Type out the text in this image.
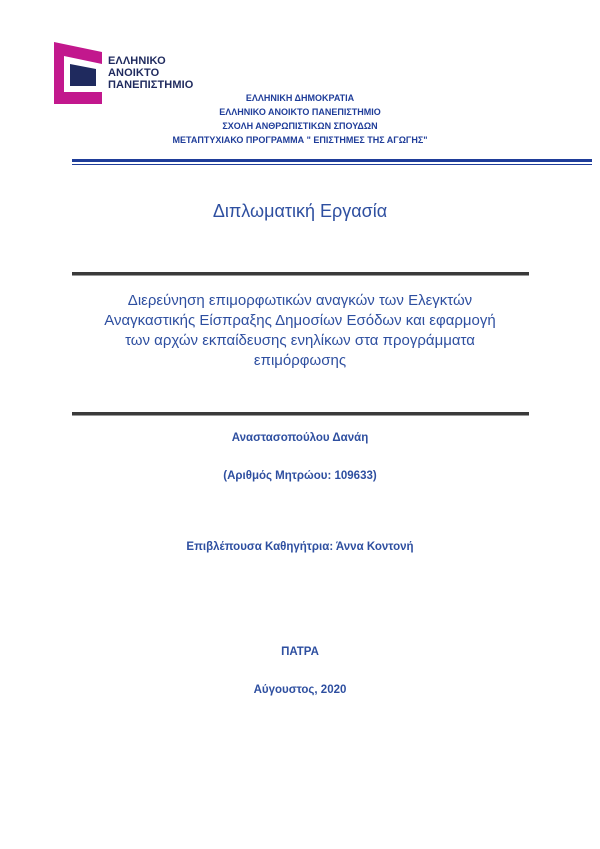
ΕΛΛΗΝΙΚΟ
ΑΝΟΙΚΤΟ
ΠΑΝΕΠΙΣΤΗΜΙΟ
ΕΛΛΗΝΙΚΗ ΔΗΜΟΚΡΑΤΙΑ
ΕΛΛΗΝΙΚΟ ΑΝΟΙΚΤΟ ΠΑΝΕΠΙΣΤΗΜΙΟ
ΣΧΟΛΗ ΑΝΘΡΩΠΙΣΤΙΚΩΝ ΣΠΟΥΔΩΝ
ΜΕΤΑΠΤΥΧΙΑΚΟ ΠΡΟΓΡΑΜΜΑ " ΕΠΙΣΤΗΜΕΣ ΤΗΣ ΑΓΩΓΗΣ"
Διπλωματική Εργασία
Διερεύνηση επιμορφωτικών αναγκών των Ελεγκτών
Αναγκαστικής Είσπραξης Δημοσίων Εσόδων και εφαρμογή
των αρχών εκπαίδευσης ενηλίκων στα προγράμματα
επιμόρφωσης
Αναστασοπούλου Δανάη
(Αριθμός Μητρώου: 109633)
Επιβλέπουσα Καθηγήτρια: Άννα Κοντονή
ΠΑΤΡΑ
Αύγουστος, 2020
